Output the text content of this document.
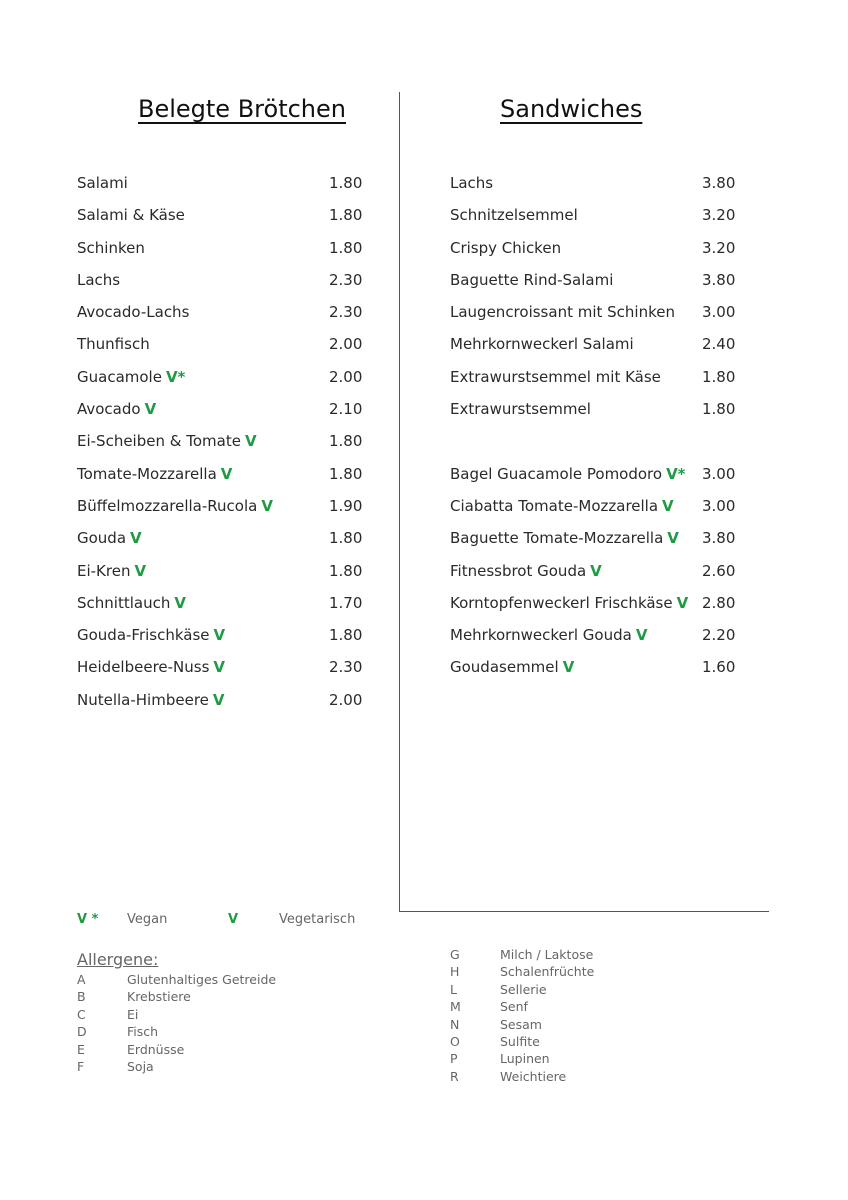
Belegte Brötchen	Sandwiches
Salami	1.80
Salami & Käse	1.80
Schinken	1.80
Lachs	2.30
Avocado-Lachs	2.30
Thunfisch	2.00
Guacamole V*	2.00
Avocado V	2.10
Ei-Scheiben & Tomate V	1.80
Tomate-Mozzarella V	1.80
Büffelmozzarella-Rucola V	1.90
Gouda V	1.80
Ei-Kren V	1.80
Schnittlauch V	1.70
Gouda-Frischkäse V	1.80
Heidelbeere-Nuss V	2.30
Nutella-Himbeere V	2.00
Lachs	3.80
Schnitzelsemmel	3.20
Crispy Chicken	3.20
Baguette Rind-Salami	3.80
Laugencroissant mit Schinken 3.00
Mehrkornweckerl Salami	2.40
Extrawurstsemmel mit Käse	1.80
Extrawurstsemmel	1.80
Bagel Guacamole Pomodoro V* 3.00
Ciabatta Tomate-Mozzarella V 3.00
Baguette Tomate-Mozzarella V 3.80
Fitnessbrot Gouda V	2.60
Korntopfenweckerl Frischkäse V 2.80
Mehrkornweckerl Gouda V	2.20
Goudasemmel V	1.60
V * Vegan	V	Vegetarisch
Allergene:
A	Glutenhaltiges Getreide
B	Krebstiere
C	Ei
D	Fisch
E	Erdnüsse
F	Soja
G	Milch / Laktose
H	Schalenfrüchte
L	Sellerie
M	Senf
N	Sesam
O	Sulfite
P	Lupinen
R	Weichtiere
